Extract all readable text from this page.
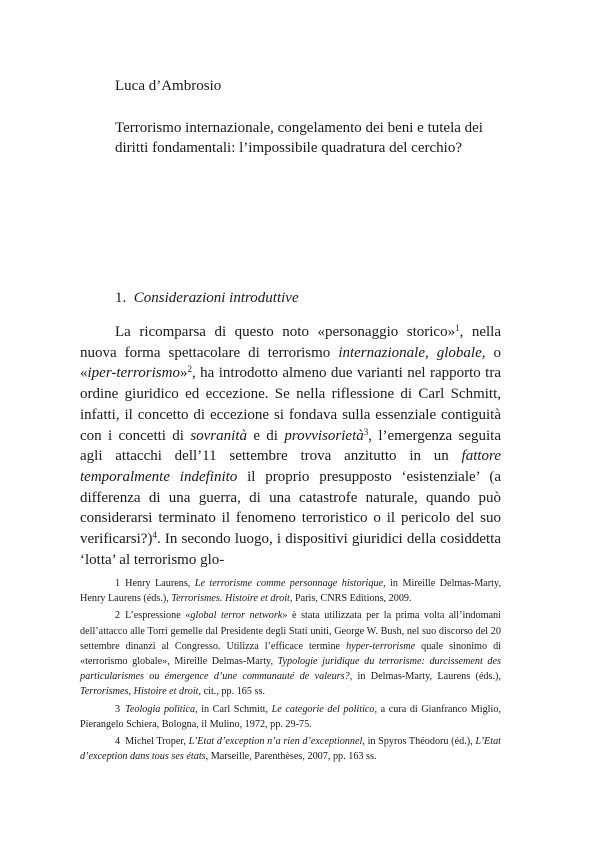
Luca d’Ambrosio

Terrorismo internazionale, congelamento dei beni e tutela dei diritti fondamentali: l’impossibile quadratura del cerchio?

1. Considerazioni introduttive

La ricomparsa di questo noto «personaggio storico»$^1$, nella nuova forma spettacolare di terrorismo internazionale, globale, o «iper-terrorismo»$^2$, ha introdotto almeno due varianti nel rapporto tra ordine giuridico ed eccezione. Se nella riflessione di Carl Schmitt, infatti, il concetto di eccezione si fondava sulla essenziale contiguità con i concetti di sovranità e di provvisorietà$^3$, l’emergenza seguita agli attacchi dell’11 settembre trova anzitutto in un fattore temporalmente indefinito il proprio presupposto ‘esistenziale’ (a differenza di una guerra, di una catastrofe naturale, quando può considerarsi terminato il fenomeno terroristico o il pericolo del suo verificarsi?)$^4$. In secondo luogo, i dispositivi giuridici della cosiddetta ‘lotta’ al terrorismo glo-

1 Henry Laurens, Le terrorisme comme personnage historique, in Mireille Delmas-Marty, Henry Laurens (éds.), Terrorismes. Histoire et droit, Paris, CNRS Editions, 2009.

2 L’espressione «global terror network» è stata utilizzata per la prima volta all’indomani dell’attacco alle Torri gemelle dal Presidente degli Stati uniti, George W. Bush, nel suo discorso del 20 settembre dinanzi al Congresso. Utilizza l’efficace termine hyper-terrorisme quale sinonimo di «terrorismo globale», Mireille Delmas-Marty, Typologie juridique du terrorisme: durcissement des particularismes ou émergence d’une communauté de valeurs?, in Delmas-Marty, Laurens (éds.), Terrorismes, Histoire et droit, cit., pp. 165 ss.

3 Teologia politica, in Carl Schmitt, Le categorie del politico, a cura di Gianfranco Miglio, Pierangelo Schiera, Bologna, il Mulino, 1972, pp. 29-75.

4 Michel Troper, L’Etat d’exception n’a rien d’exceptionnel, in Spyros Théodoru (éd.), L’Etat d’exception dans tous ses états, Marseille, Parenthèses, 2007, pp. 163 ss.
